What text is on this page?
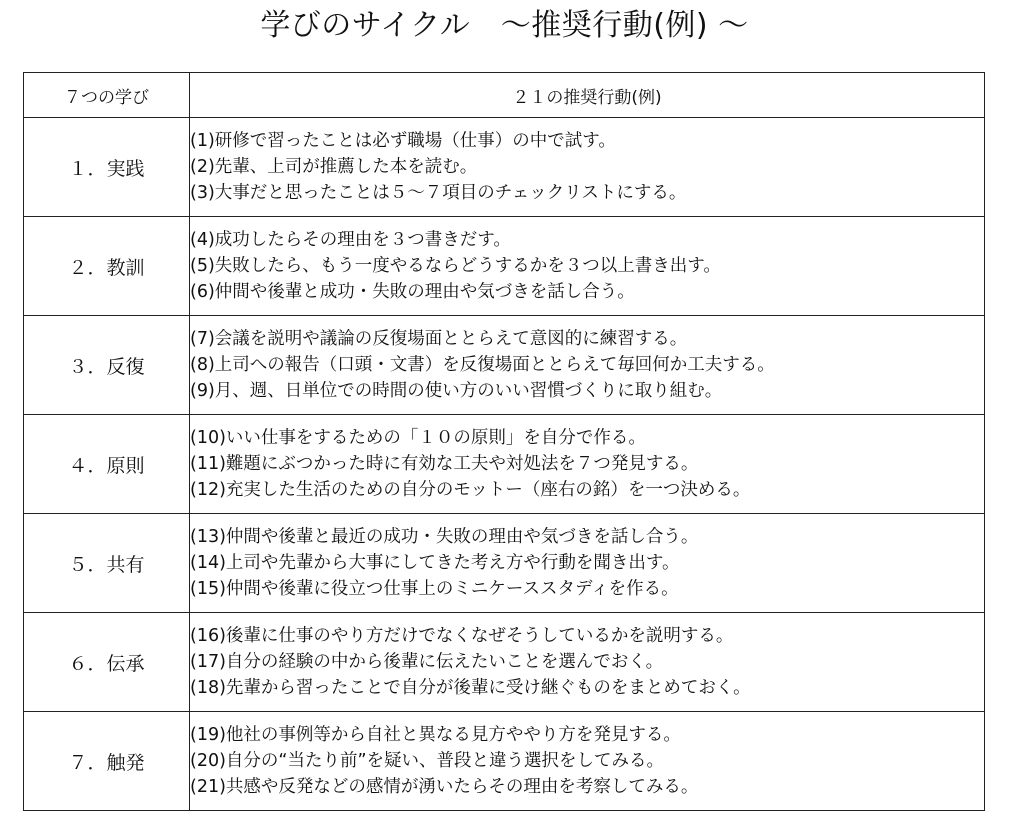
学びのサイクル　～推奨行動(例) ～
７つの学び	２１の推奨行動(例)
１．実践	(1)研修で習ったことは必ず職場（仕事）の中で試す。
(2)先輩、上司が推薦した本を読む。
(3)大事だと思ったことは５～７項目のチェックリストにする。

２．教訓	(4)成功したらその理由を３つ書きだす。
(5)失敗したら、もう一度やるならどうするかを３つ以上書き出す。
(6)仲間や後輩と成功・失敗の理由や気づきを話し合う。

３．反復	(7)会議を説明や議論の反復場面ととらえて意図的に練習する。
(8)上司への報告（口頭・文書）を反復場面ととらえて毎回何か工夫する。
(9)月、週、日単位での時間の使い方のいい習慣づくりに取り組む。

４．原則	(10)いい仕事をするための「１０の原則」を自分で作る。
(11)難題にぶつかった時に有効な工夫や対処法を７つ発見する。
(12)充実した生活のための自分のモットー（座右の銘）を一つ決める。

５．共有	(13)仲間や後輩と最近の成功・失敗の理由や気づきを話し合う。
(14)上司や先輩から大事にしてきた考え方や行動を聞き出す。
(15)仲間や後輩に役立つ仕事上のミニケーススタディを作る。

６．伝承	(16)後輩に仕事のやり方だけでなくなぜそうしているかを説明する。
(17)自分の経験の中から後輩に伝えたいことを選んでおく。
(18)先輩から習ったことで自分が後輩に受け継ぐものをまとめておく。

７．触発	(19)他社の事例等から自社と異なる見方ややり方を発見する。
(20)自分の“当たり前”を疑い、普段と違う選択をしてみる。
(21)共感や反発などの感情が湧いたらその理由を考察してみる。
